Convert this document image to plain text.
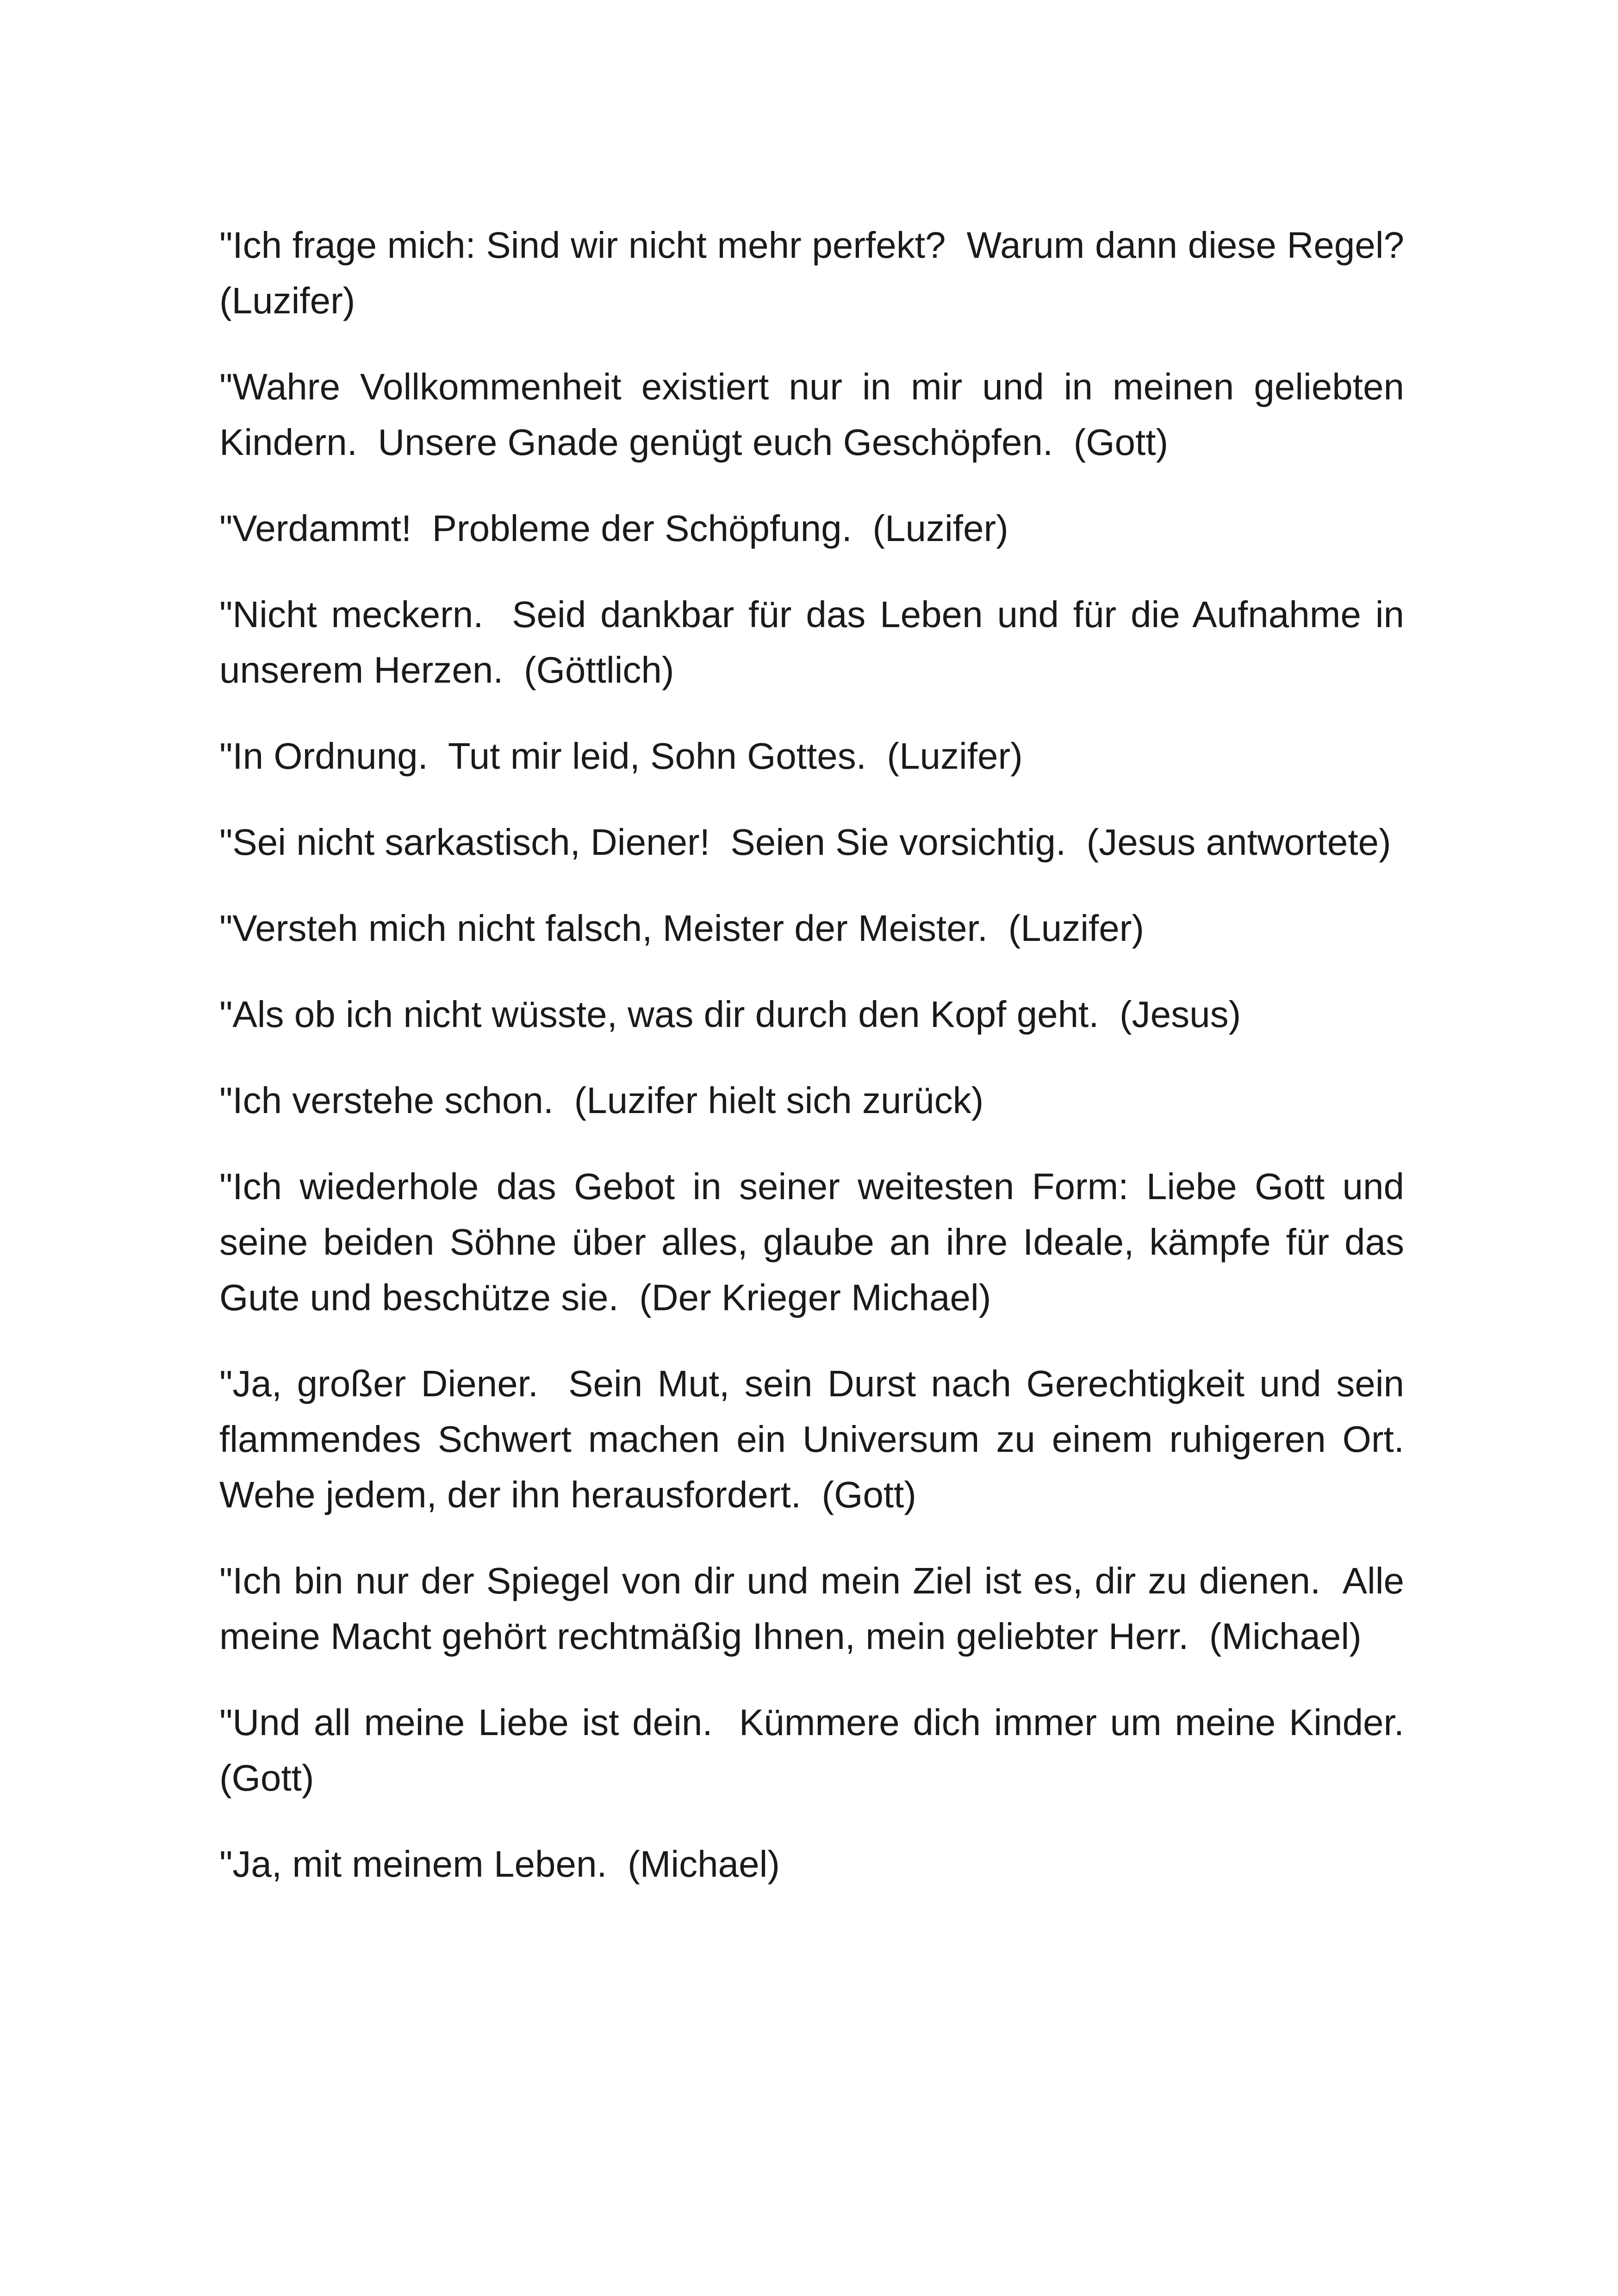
"Ich frage mich: Sind wir nicht mehr perfekt?  Warum dann diese Regel?  (Luzifer)

"Wahre Vollkommenheit existiert nur in mir und in meinen geliebten Kindern.  Unsere Gnade genügt euch Geschöpfen.  (Gott)

"Verdammt!  Probleme der Schöpfung.  (Luzifer)

"Nicht meckern.  Seid dankbar für das Leben und für die Aufnahme in unserem Herzen.  (Göttlich)

"In Ordnung.  Tut mir leid, Sohn Gottes.  (Luzifer)

"Sei nicht sarkastisch, Diener!  Seien Sie vorsichtig.  (Jesus antwortete)

"Versteh mich nicht falsch, Meister der Meister.  (Luzifer)

"Als ob ich nicht wüsste, was dir durch den Kopf geht.  (Jesus)

"Ich verstehe schon.  (Luzifer hielt sich zurück)

"Ich wiederhole das Gebot in seiner weitesten Form: Liebe Gott und seine beiden Söhne über alles, glaube an ihre Ideale, kämpfe für das Gute und beschütze sie.  (Der Krieger Michael)

"Ja, großer Diener.  Sein Mut, sein Durst nach Gerechtigkeit und sein flammendes Schwert machen ein Universum zu einem ruhigeren Ort.  Wehe jedem, der ihn herausfordert.  (Gott)

"Ich bin nur der Spiegel von dir und mein Ziel ist es, dir zu dienen.  Alle meine Macht gehört rechtmäßig Ihnen, mein geliebter Herr.  (Michael)

"Und all meine Liebe ist dein.  Kümmere dich immer um meine Kinder.  (Gott)

"Ja, mit meinem Leben.  (Michael)
